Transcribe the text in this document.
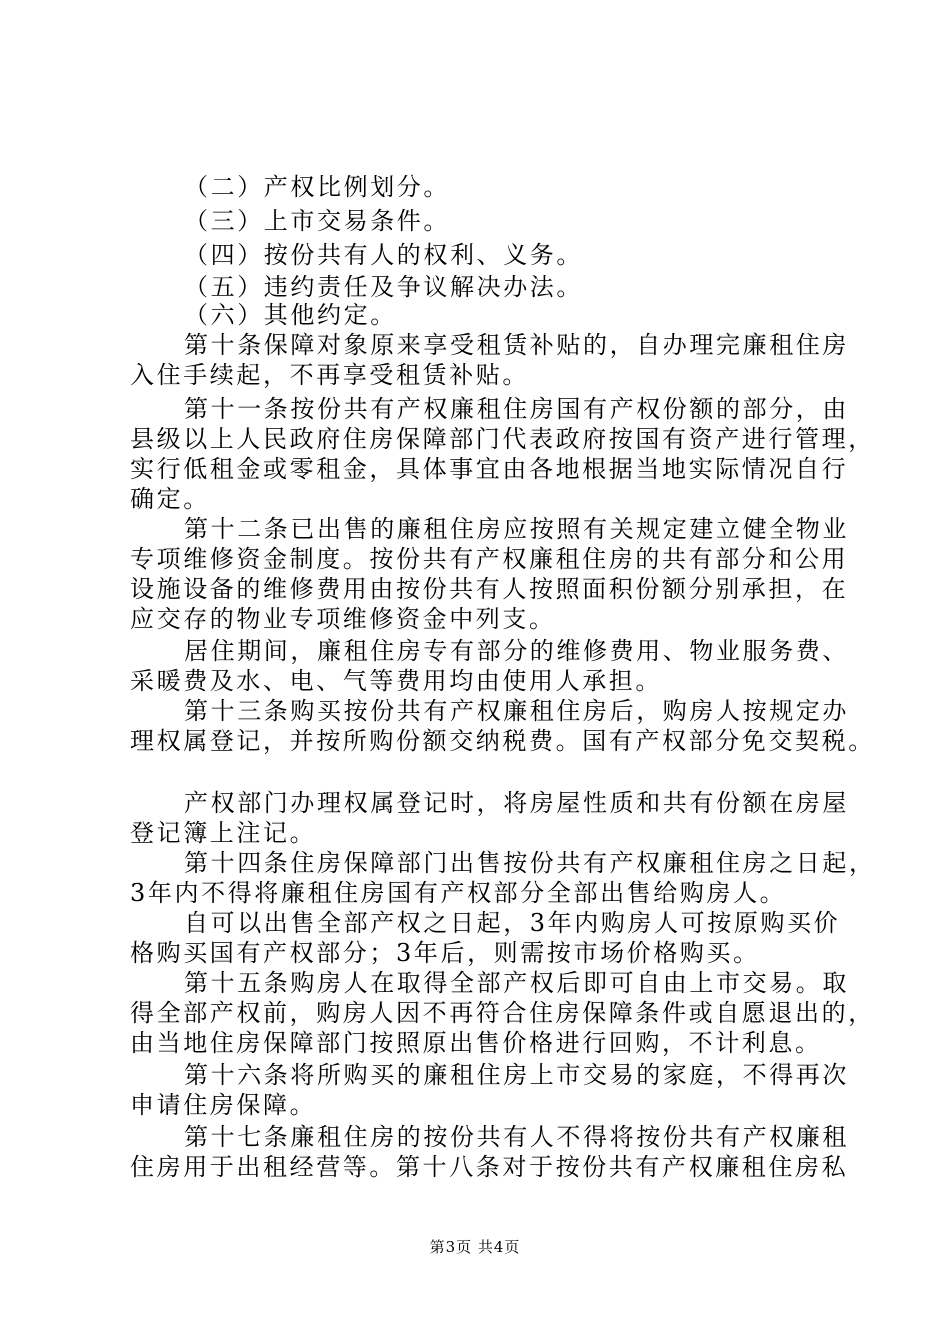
（二）产权比例划分。

（三）上市交易条件。

（四）按份共有人的权利、义务。

（五）违约责任及争议解决办法。

（六）其他约定。

第十条保障对象原来享受租赁补贴的，自办理完廉租住房

入住手续起，不再享受租赁补贴。

第十一条按份共有产权廉租住房国有产权份额的部分，由

县级以上人民政府住房保障部门代表政府按国有资产进行管理，

实行低租金或零租金，具体事宜由各地根据当地实际情况自行

确定。

第十二条已出售的廉租住房应按照有关规定建立健全物业

专项维修资金制度。按份共有产权廉租住房的共有部分和公用

设施设备的维修费用由按份共有人按照面积份额分别承担，在

应交存的物业专项维修资金中列支。

居住期间，廉租住房专有部分的维修费用、物业服务费、

采暖费及水、电、气等费用均由使用人承担。

第十三条购买按份共有产权廉租住房后，购房人按规定办

理权属登记，并按所购份额交纳税费。国有产权部分免交契税。

产权部门办理权属登记时，将房屋性质和共有份额在房屋

登记簿上注记。

第十四条住房保障部门出售按份共有产权廉租住房之日起，

3年内不得将廉租住房国有产权部分全部出售给购房人。

自可以出售全部产权之日起，3年内购房人可按原购买价

格购买国有产权部分；3年后，则需按市场价格购买。

第十五条购房人在取得全部产权后即可自由上市交易。取

得全部产权前，购房人因不再符合住房保障条件或自愿退出的，

由当地住房保障部门按照原出售价格进行回购，不计利息。

第十六条将所购买的廉租住房上市交易的家庭，不得再次

申请住房保障。

第十七条廉租住房的按份共有人不得将按份共有产权廉租

住房用于出租经营等。第十八条对于按份共有产权廉租住房私

第3页 共4页
